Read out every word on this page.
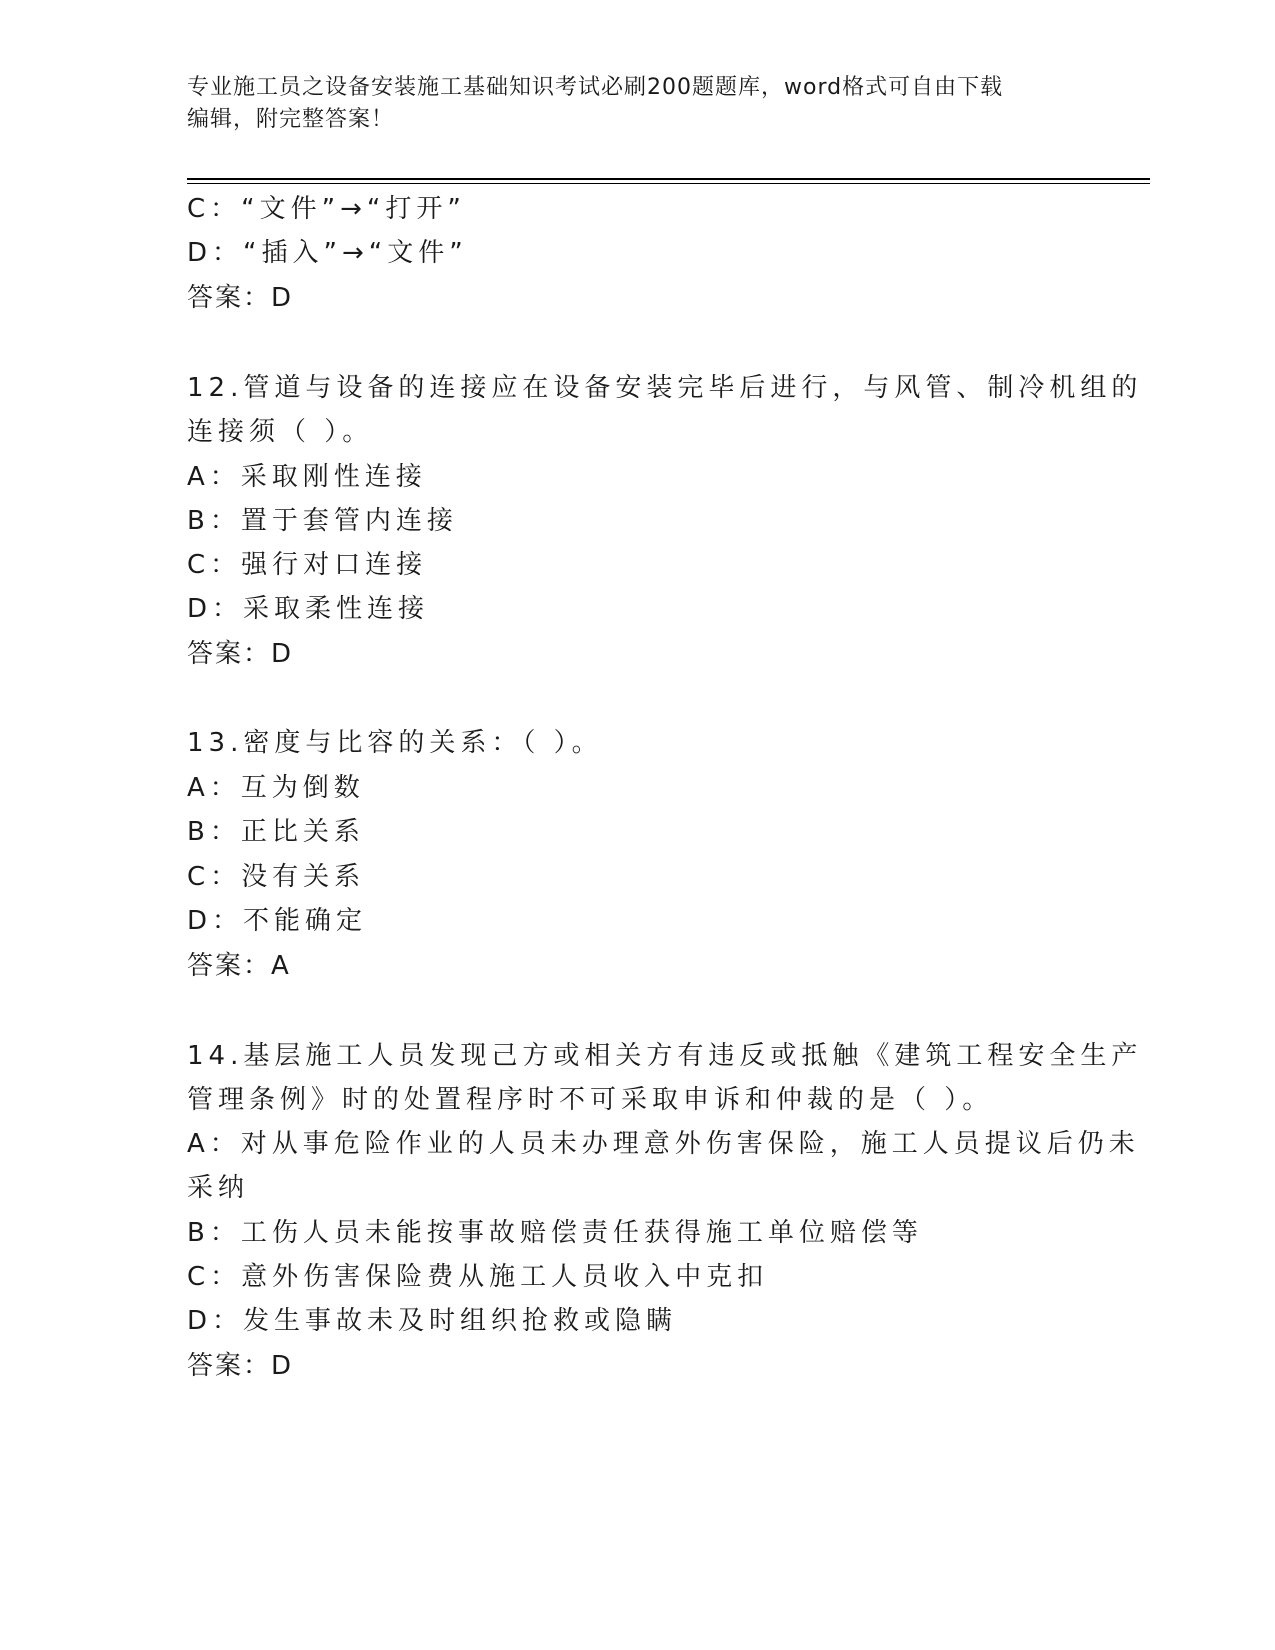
专业施工员之设备安装施工基础知识考试必刷200题题库，word格式可自由下载
编辑，附完整答案！
C：“文件”→“打开”
D：“插入”→“文件”
答案：D
12.管道与设备的连接应在设备安装完毕后进行，与风管、制冷机组的
连接须（ ）。
A：采取刚性连接
B：置于套管内连接
C：强行对口连接
D：采取柔性连接
答案：D
13.密度与比容的关系：（ ）。
A：互为倒数
B：正比关系
C：没有关系
D：不能确定
答案：A
14.基层施工人员发现己方或相关方有违反或抵触《建筑工程安全生产
管理条例》时的处置程序时不可采取申诉和仲裁的是（ ）。
A：对从事危险作业的人员未办理意外伤害保险，施工人员提议后仍未
采纳
B：工伤人员未能按事故赔偿责任获得施工单位赔偿等
C：意外伤害保险费从施工人员收入中克扣
D：发生事故未及时组织抢救或隐瞒
答案：D
